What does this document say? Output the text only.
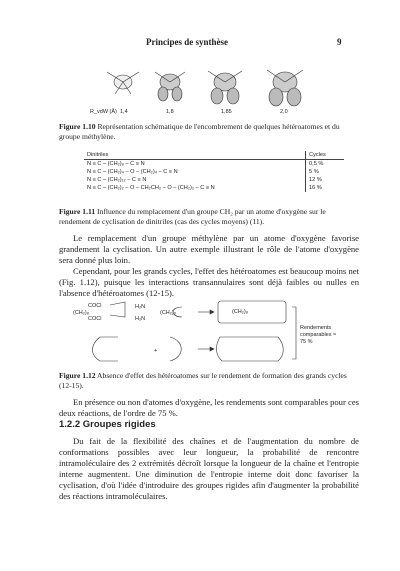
Principes de synthèse	9
R_vdW (Å) 1,4	1,8	1,85	2,0
Figure 1.10 Représentation schématique de l'encombrement de quelques hétéroatomes et du groupe méthylène.
Dinitriles	Cycles
N ≡ C – (CH₂)₈ – C ≡ N	0,5 %
N ≡ C – (CH₂)₄ – O – (CH₂)₄ – C ≡ N	5 %
N ≡ C – (CH₂)₁₂ – C ≡ N	12 %
N ≡ C – (CH₂)₂ – O – CH₂CH₂ – O – (CH₂)₂ – C ≡ N	16 %
Figure 1.11 Influence du remplacement d'un groupe CH₂ par un atome d'oxygène sur le rendement de cyclisation de dinitriles (cas des cycles moyens) (11).
Le remplacement d'un groupe méthylène par un atome d'oxygène favorise grandement la cyclisation. Un autre exemple illustrant le rôle de l'atome d'oxygène sera donné plus loin.
Cependant, pour les grands cycles, l'effet des hétéroatomes est beaucoup moins net (Fig. 1.12), puisque les interactions transannulaires sont déjà faibles ou nulles en l'absence d'hétéroatomes (12-15).
COCl
COCl
(CH₂)₈
H₂N
H₂N
(CH₂)₈	(CH₂)₈
+
Rendements comparables ≈ 75 %
Figure 1.12 Absence d'effet des hétéroatomes sur le rendement de formation des grands cycles (12-15).
En présence ou non d'atomes d'oxygène, les rendements sont comparables pour ces deux réactions, de l'ordre de 75 %.
1.2.2 Groupes rigides
Du fait de la flexibilité des chaînes et de l'augmentation du nombre de conformations possibles avec leur longueur, la probabilité de rencontre intramoléculaire des 2 extrémités décroît lorsque la longueur de la chaîne et l'entropie interne augmentent. Une diminution de l'entropie interne doit donc favoriser la cyclisation, d'où l'idée d'introduire des groupes rigides afin d'augmenter la probabilité des réactions intramoléculaires.
